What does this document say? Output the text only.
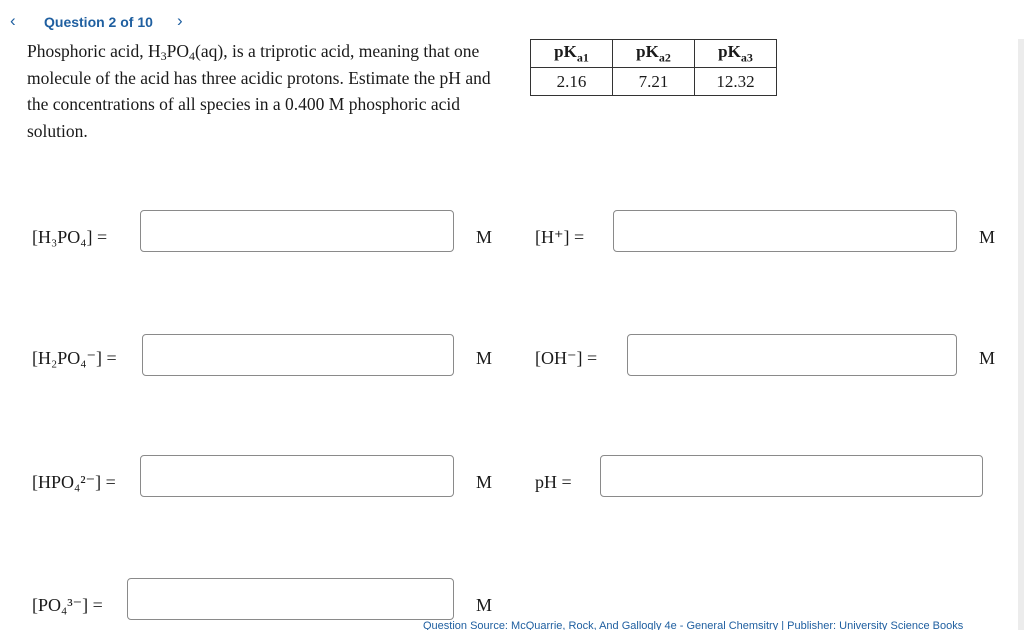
‹ Question 2 of 10 ›
Phosphoric acid, $H_3PO_4(aq)$, is a triprotic acid, meaning that one molecule of the acid has three acidic protons. Estimate the pH and the concentrations of all species in a 0.400 M phosphoric acid solution.
$pK_{a1}$	$pK_{a2}$	$pK_{a3}$
2.16	7.21	12.32
[H₃PO₄] =	M
[H₂PO₄⁻] =	M
[HPO₄²⁻] =	M
[PO₄³⁻] =	M
[H⁺] =	M
[OH⁻] =	M
pH =
Question Source: McQuarrie, Rock, And Gallogly 4e - General Chemsitry | Publisher: University Science Books
